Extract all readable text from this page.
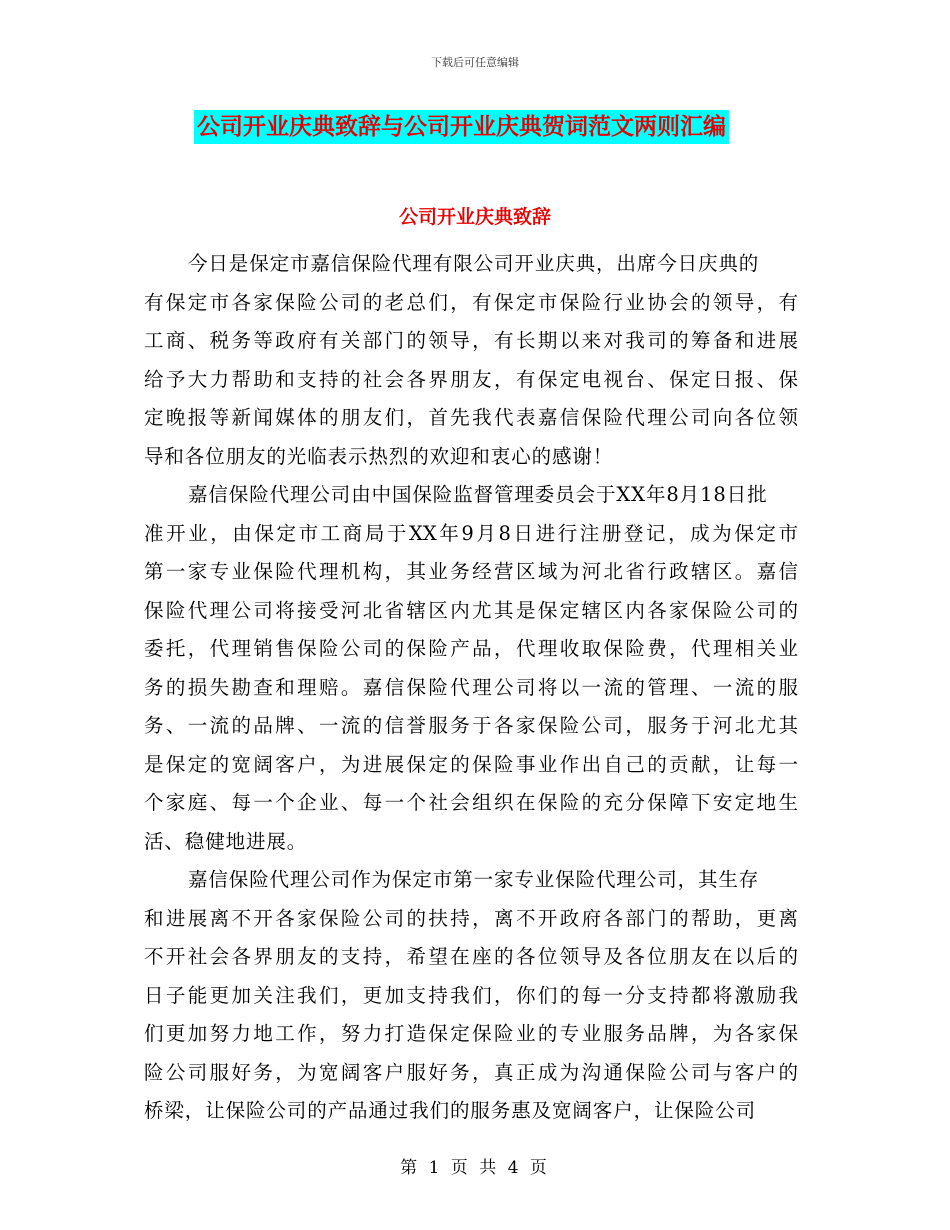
下载后可任意编辑
公司开业庆典致辞与公司开业庆典贺词范文两则汇编
公司开业庆典致辞
今日是保定市嘉信保险代理有限公司开业庆典，出席今日庆典的
有保定市各家保险公司的老总们，有保定市保险行业协会的领导，有
工商、税务等政府有关部门的领导，有长期以来对我司的筹备和进展
给予大力帮助和支持的社会各界朋友，有保定电视台、保定日报、保
定晚报等新闻媒体的朋友们，首先我代表嘉信保险代理公司向各位领
导和各位朋友的光临表示热烈的欢迎和衷心的感谢！
嘉信保险代理公司由中国保险监督管理委员会于XX年8月18日批
准开业，由保定市工商局于XX年9月8日进行注册登记，成为保定市
第一家专业保险代理机构，其业务经营区域为河北省行政辖区。嘉信
保险代理公司将接受河北省辖区内尤其是保定辖区内各家保险公司的
委托，代理销售保险公司的保险产品，代理收取保险费，代理相关业
务的损失勘查和理赔。嘉信保险代理公司将以一流的管理、一流的服
务、一流的品牌、一流的信誉服务于各家保险公司，服务于河北尤其
是保定的宽阔客户，为进展保定的保险事业作出自己的贡献，让每一
个家庭、每一个企业、每一个社会组织在保险的充分保障下安定地生
活、稳健地进展。
嘉信保险代理公司作为保定市第一家专业保险代理公司，其生存
和进展离不开各家保险公司的扶持，离不开政府各部门的帮助，更离
不开社会各界朋友的支持，希望在座的各位领导及各位朋友在以后的
日子能更加关注我们，更加支持我们，你们的每一分支持都将激励我
们更加努力地工作，努力打造保定保险业的专业服务品牌，为各家保
险公司服好务，为宽阔客户服好务，真正成为沟通保险公司与客户的
桥梁，让保险公司的产品通过我们的服务惠及宽阔客户，让保险公司
第 1 页 共 4 页
